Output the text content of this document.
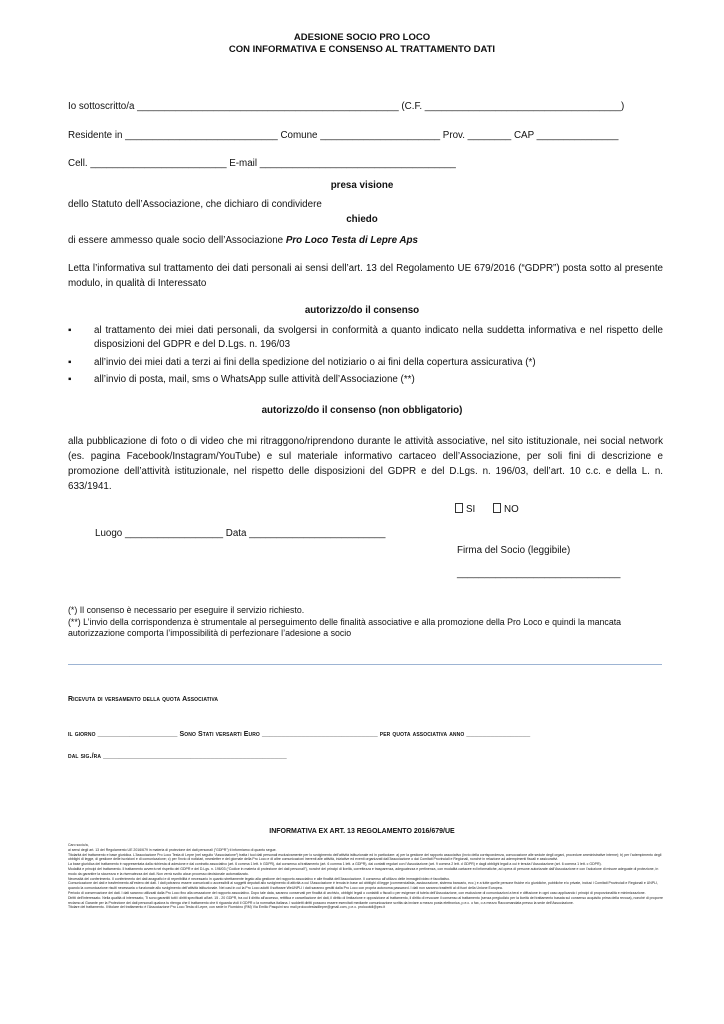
ADESIONE SOCIO PRO LOCO
CON INFORMATIVA E CONSENSO AL TRATTAMENTO DATI
Io sottoscritto/a ________________________________________________ (C.F. ____________________________________)
Residente in ____________________________ Comune ______________________ Prov. ________ CAP _______________
Cell. _________________________ E-mail ____________________________________
presa visione
dello Statuto dell’Associazione, che dichiaro di condividere
chiedo
di essere ammesso quale socio dell’Associazione Pro Loco Testa di Lepre Aps
Letta l’informativa sul trattamento dei dati personali ai sensi dell’art. 13 del Regolamento UE 679/2016 (“GDPR”) posta sotto al presente modulo, in qualità di Interessato
autorizzo/do il consenso
▪ al trattamento dei miei dati personali, da svolgersi in conformità a quanto indicato nella suddetta informativa e nel rispetto delle disposizioni del GDPR e del D.Lgs. n. 196/03
▪ all’invio dei miei dati a terzi ai fini della spedizione del notiziario o ai fini della copertura assicurativa (*)
▪ all’invio di posta, mail, sms o WhatsApp sulle attività dell’Associazione (**)
autorizzo/do il consenso (non obbligatorio)
alla pubblicazione di foto o di video che mi ritraggono/riprendono durante le attività associative, nel sito istituzionale, nei social network (es. pagina Facebook/Instagram/YouTube) e sul materiale informativo cartaceo dell’Associazione, per soli fini di descrizione e promozione dell’attività istituzionale, nel rispetto delle disposizioni del GDPR e del D.Lgs. n. 196/03, dell’art. 10 c.c. e della L. n. 633/1941.
SI	NO
Luogo __________________ Data _________________________
Firma del Socio (leggibile)
______________________________
(*) Il consenso è necessario per eseguire il servizio richiesto.
(**) L’invio della corrispondenza è strumentale al perseguimento delle finalità associative e alla promozione della Pro Loco e quindi la mancata autorizzazione comporta l’impossibilità di perfezionare l’adesione a socio
Ricevuta di versamento della quota Associativa
il giorno ____________________ Sono Stati versarti Euro _____________________________ per quota associativa anno ________________
dal sig./ra ______________________________________________
INFORMATIVA EX ART. 13 REGOLAMENTO 2016/679/UE

Caro socio/a,

ai sensi degli art. 13 del Regolamento UE 2016/679 in materia di protezione dei dati personali ("GDPR") ti informiamo di quanto segue.

Titolarità del trattamento e base giuridica. L’Associazione Pro Loco Testa di Lepre (nel seguito “Associazione”) tratta i tuoi dati personali esclusivamente per lo svolgimento dell’attività istituzionale ed in particolare: a) per la gestione del rapporto associativo (invio della corrispondenza, convocazione alle sedute degli organi, procedure amministrative interne); b) per l’adempimento degli obblighi di legge, di gestione delle iscrizioni e di comunicazione; c) per l’invio di notiziari, newsletter e del giornale della Pro Loco e di altre comunicazioni inerenti alle attività, iniziative ed eventi organizzati dall’Associazione o dai Comitati Provinciali e Regionali, nonché in relazione ad adempimenti fiscali e assicurativi.

La base giuridica del trattamento è rappresentata dalla richiesta di adesione e dal contratto associativo (art. 6 comma 1 lett. b GDPR), dal consenso al trattamento (art. 6 comma 1 lett. a GDPR), dai contatti regolari con l’Associazione (art. 9 comma 2 lett. d GDPR) e dagli obblighi legali a cui è tenuta l’Associazione (art. 6 comma 1 lett. c GDPR).

Modalità e principi del trattamento. Il trattamento avverrà nel rispetto del GDPR e del D.Lgs. n. 196/03 (“Codice in materia di protezione dei dati personali”), nonché dei principi di liceità, correttezza e trasparenza, adeguatezza e pertinenza, con modalità cartacee ed informatiche, ad opera di persone autorizzate dall’Associazione e con l’adozione di misure adeguate di protezione, in modo da garantire la sicurezza e la riservatezza dei dati. Non verrà svolto alcun processo decisionale automatizzato.

Necessità del conferimento. Il conferimento dei dati anagrafici e di reperibilità è necessario in quanto strettamente legato alla gestione del rapporto associativo e alle finalità dell’Associazione. Il consenso all’utilizzo delle immagini/video è facoltativo.

Comunicazione dei dati e trasferimento all’estero dei dati. I dati potranno essere comunicati o accessibili ai soggetti deputati allo svolgimento di attività a cui l’Associazione è tenuta in base ad obblighi di legge (commercialista, assicurazione, sistema bancario, ecc.) e a tutte quelle persone fisiche e/o giuridiche, pubbliche e/o private, inclusi i Comitati Provinciali e Regionali e UNPLI, quando la comunicazione risulti necessaria o funzionale allo svolgimento dell’attività istituzionale. Nei casi in cui la Pro Loco adotti il software WeUNPLI i dati saranno gestiti dalla Pro Loco con propria autonoma password. I dati non saranno trasferiti al di fuori della Unione Europea.

Periodo di conservazione dei dati. I dati saranno utilizzati dalla Pro Loco fino alla cessazione del rapporto associativo. Dopo tale data, saranno conservati per finalità di archivio, obblighi legali o contabili o fiscali o per esigenze di tutela dell’Associazione, con esclusione di comunicazioni a terzi e diffusione in ogni caso applicando i principi di proporzionalità e minimizzazione.

Diritti dell’interessato. Nella qualità di interessato, Ti sono garantiti tutti i diritti specificati all’art. 15 - 20 GDPR, tra cui il diritto all’accesso, rettifica e cancellazione dei dati, il diritto di limitazione e opposizione al trattamento, il diritto di revocare il consenso al trattamento (senza pregiudizio per la liceità del trattamento basata sul consenso acquisito prima della revoca), nonché di proporre reclamo al Garante per la Protezione dei dati personali qualora tu ritenga che il trattamento che ti riguarda violi il GDPR o la normativa italiana. I suddetti diritti possono essere esercitati mediante comunicazione scritta da inviare a mezzo posta elettronica, p.e.c. o fax, o a mezzo Raccomandata presso la sede dell’Associazione.

Titolare del trattamento. Il titolare del trattamento è l’Associazione Pro Loco Testa di Lepre, con sede in Fiumicino (RM) Via Emilio Pasquini snc mail prolocotestadilepre@gmail.com, p.e.c. prolocotdl@pec.it
